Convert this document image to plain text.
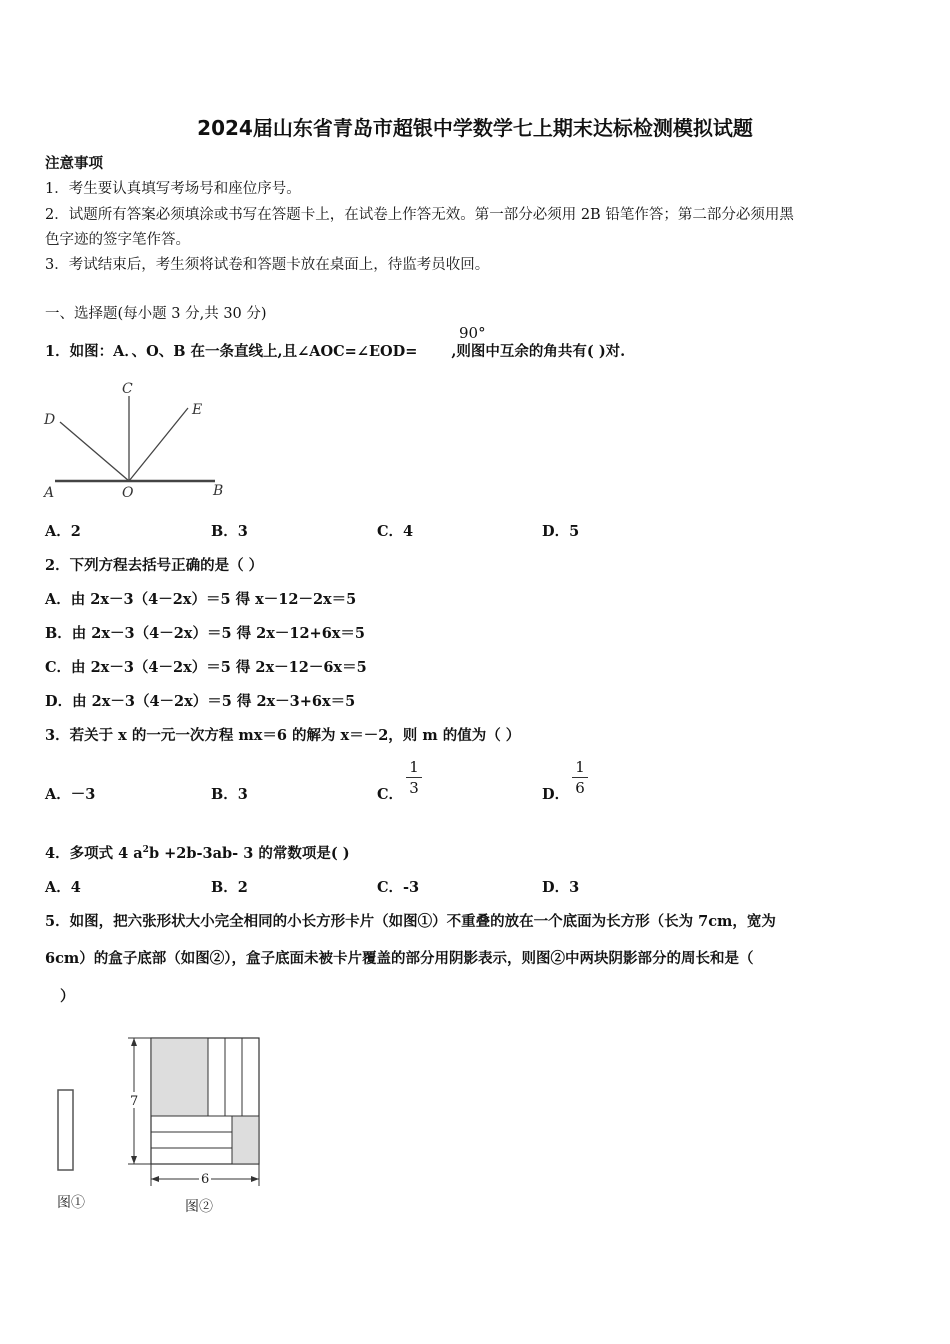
2024届山东省青岛市超银中学数学七上期末达标检测模拟试题
注意事项
1．考生要认真填写考场号和座位序号。
2．试题所有答案必须填涂或书写在答题卡上，在试卷上作答无效。第一部分必须用 2B 铅笔作答；第二部分必须用黑
色字迹的签字笔作答。
3．考试结束后，考生须将试卷和答题卡放在桌面上，待监考员收回。
一、选择题(每小题 3 分,共 30 分)
1．如图：A．、O、B 在一条直线上,且∠AOC=∠EOD= ,则图中互余的角共有( )对.
90°
A	O	B
C
D
E
A．2	B．3	C．4	D．5
2．下列方程去括号正确的是（ ）
A．由 2x－3（4－2x）＝5 得 x－12－2x＝5
B．由 2x－3（4－2x）＝5 得 2x－12+6x＝5
C．由 2x－3（4－2x）＝5 得 2x－12－6x＝5
D．由 2x－3（4－2x）＝5 得 2x－3+6x＝5
3．若关于 x 的一元一次方程 mx＝6 的解为 x＝－2，则 m 的值为（ ）
A．－3	B．3	C．
1
3	D．
1
6
4．多项式 4 $a^2b +2b-3ab-$ 3 的常数项是( )
A．4	B．2	C．-3	D．3
5．如图，把六张形状大小完全相同的小长方形卡片（如图①）不重叠的放在一个底面为长方形（长为 7cm，宽为
6cm）的盒子底部（如图②），盒子底面未被卡片覆盖的部分用阴影表示，则图②中两块阴影部分的周长和是（
）
图①
7
6
图②
